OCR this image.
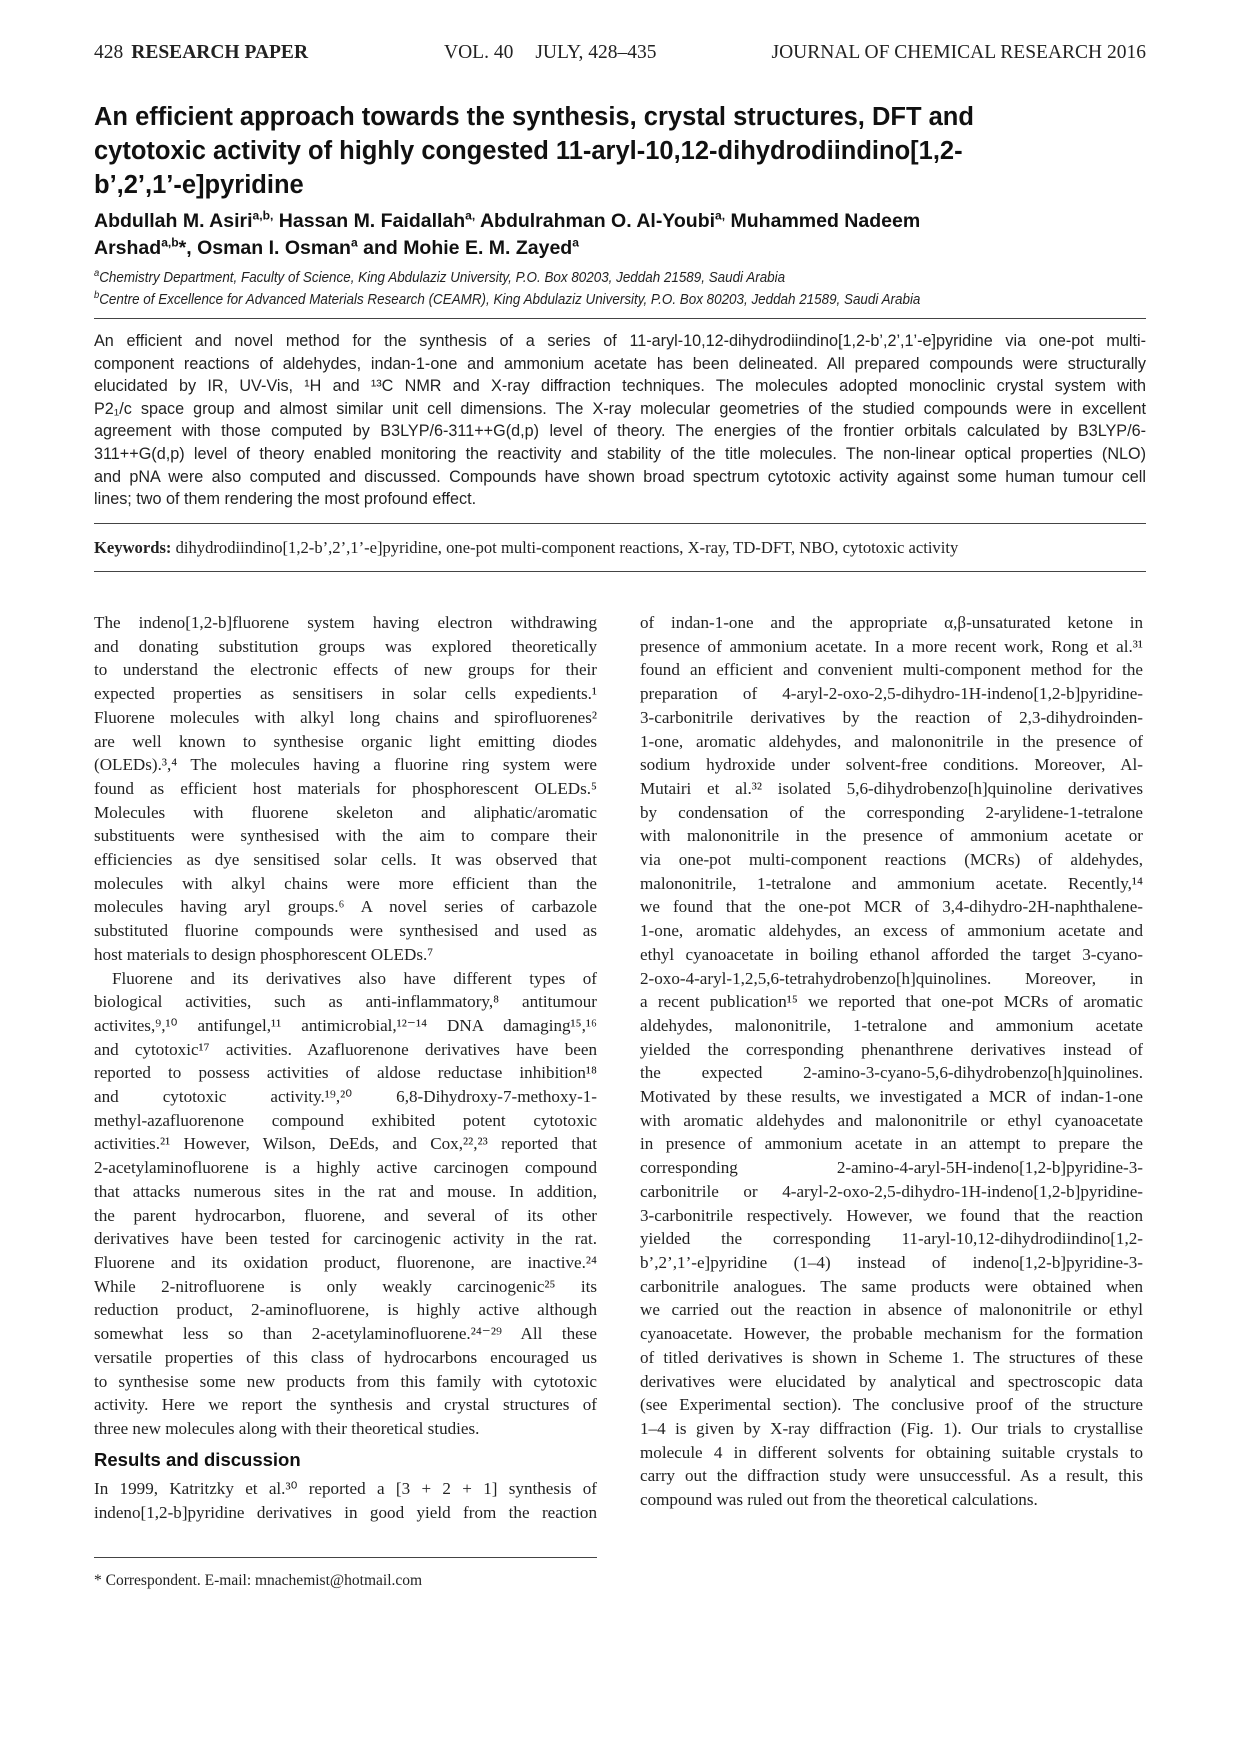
428 RESEARCH PAPER	VOL. 40 JULY, 428–435	JOURNAL OF CHEMICAL RESEARCH 2016
An efficient approach towards the synthesis, crystal structures, DFT and
cytotoxic activity of highly congested 11-aryl-10,12-dihydrodiindino[1,2-
b’,2’,1’-e]pyridine
Abdullah M. Asiri$^{a,b,}$ Hassan M. Faidallah$^{a,}$ Abdulrahman O. Al-Youbi$^{a,}$ Muhammed Nadeem
Arshad$^{a,b}$*, Osman I. Osman$^a$ and Mohie E. M. Zayed$^a$
$^a$Chemistry Department, Faculty of Science, King Abdulaziz University, P.O. Box 80203, Jeddah 21589, Saudi Arabia
$^b$Centre of Excellence for Advanced Materials Research (CEAMR), King Abdulaziz University, P.O. Box 80203, Jeddah 21589, Saudi Arabia
An efficient and novel method for the synthesis of a series of 11-aryl-10,12-dihydrodiindino[1,2-b’,2’,1’-e]pyridine via one-pot multi-
component reactions of aldehydes, indan-1-one and ammonium acetate has been delineated. All prepared compounds were structurally
elucidated by IR, UV-Vis, ¹H and ¹³C NMR and X-ray diffraction techniques. The molecules adopted monoclinic crystal system with
P2₁/c space group and almost similar unit cell dimensions. The X-ray molecular geometries of the studied compounds were in excellent
agreement with those computed by B3LYP/6-311++G(d,p) level of theory. The energies of the frontier orbitals calculated by B3LYP/6-
311++G(d,p) level of theory enabled monitoring the reactivity and stability of the title molecules. The non-linear optical properties (NLO)
and pNA were also computed and discussed. Compounds have shown broad spectrum cytotoxic activity against some human tumour cell
lines; two of them rendering the most profound effect.
Keywords: dihydrodiindino[1,2-b’,2’,1’-e]pyridine, one-pot multi-component reactions, X-ray, TD-DFT, NBO, cytotoxic activity
The indeno[1,2-b]fluorene system having electron withdrawing
and donating substitution groups was explored theoretically
to understand the electronic effects of new groups for their
expected properties as sensitisers in solar cells expedients.¹
Fluorene molecules with alkyl long chains and spirofluorenes²
are well known to synthesise organic light emitting diodes
(OLEDs).³,⁴ The molecules having a fluorine ring system were
found as efficient host materials for phosphorescent OLEDs.⁵
Molecules with fluorene skeleton and aliphatic/aromatic
substituents were synthesised with the aim to compare their
efficiencies as dye sensitised solar cells. It was observed that
molecules with alkyl chains were more efficient than the
molecules having aryl groups.⁶ A novel series of carbazole
substituted fluorine compounds were synthesised and used as
host materials to design phosphorescent OLEDs.⁷
Fluorene and its derivatives also have different types of
biological activities, such as anti-inflammatory,⁸ antitumour
activites,⁹,¹⁰ antifungel,¹¹ antimicrobial,¹²⁻¹⁴ DNA damaging¹⁵,¹⁶
and cytotoxic¹⁷ activities. Azafluorenone derivatives have been
reported to possess activities of aldose reductase inhibition¹⁸
and cytotoxic activity.¹⁹,²⁰ 6,8-Dihydroxy-7-methoxy-1-
methyl-azafluorenone compound exhibited potent cytotoxic
activities.²¹ However, Wilson, DeEds, and Cox,²²,²³ reported that
2-acetylaminofluorene is a highly active carcinogen compound
that attacks numerous sites in the rat and mouse. In addition,
the parent hydrocarbon, fluorene, and several of its other
derivatives have been tested for carcinogenic activity in the rat.
Fluorene and its oxidation product, fluorenone, are inactive.²⁴
While 2-nitrofluorene is only weakly carcinogenic²⁵ its
reduction product, 2-aminofluorene, is highly active although
somewhat less so than 2-acetylaminofluorene.²⁴⁻²⁹ All these
versatile properties of this class of hydrocarbons encouraged us
to synthesise some new products from this family with cytotoxic
activity. Here we report the synthesis and crystal structures of
three new molecules along with their theoretical studies.
Results and discussion
In 1999, Katritzky et al.³⁰ reported a [3 + 2 + 1] synthesis of
indeno[1,2-b]pyridine derivatives in good yield from the reaction
of indan-1-one and the appropriate α,β-unsaturated ketone in
presence of ammonium acetate. In a more recent work, Rong et al.³¹
found an efficient and convenient multi-component method for the
preparation of 4-aryl-2-oxo-2,5-dihydro-1H-indeno[1,2-b]pyridine-
3-carbonitrile derivatives by the reaction of 2,3-dihydroinden-
1-one, aromatic aldehydes, and malononitrile in the presence of
sodium hydroxide under solvent-free conditions. Moreover, Al-
Mutairi et al.³² isolated 5,6-dihydrobenzo[h]quinoline derivatives
by condensation of the corresponding 2-arylidene-1-tetralone
with malononitrile in the presence of ammonium acetate or
via one-pot multi-component reactions (MCRs) of aldehydes,
malononitrile, 1-tetralone and ammonium acetate. Recently,¹⁴
we found that the one-pot MCR of 3,4-dihydro-2H-naphthalene-
1-one, aromatic aldehydes, an excess of ammonium acetate and
ethyl cyanoacetate in boiling ethanol afforded the target 3-cyano-
2-oxo-4-aryl-1,2,5,6-tetrahydrobenzo[h]quinolines. Moreover, in
a recent publication¹⁵ we reported that one-pot MCRs of aromatic
aldehydes, malononitrile, 1-tetralone and ammonium acetate
yielded the corresponding phenanthrene derivatives instead of
the expected 2-amino-3-cyano-5,6-dihydrobenzo[h]quinolines.
Motivated by these results, we investigated a MCR of indan-1-one
with aromatic aldehydes and malononitrile or ethyl cyanoacetate
in presence of ammonium acetate in an attempt to prepare the
corresponding 2-amino-4-aryl-5H-indeno[1,2-b]pyridine-3-
carbonitrile or 4-aryl-2-oxo-2,5-dihydro-1H-indeno[1,2-b]pyridine-
3-carbonitrile respectively. However, we found that the reaction
yielded the corresponding 11-aryl-10,12-dihydrodiindino[1,2-
b’,2’,1’-e]pyridine (1–4) instead of indeno[1,2-b]pyridine-3-
carbonitrile analogues. The same products were obtained when
we carried out the reaction in absence of malononitrile or ethyl
cyanoacetate. However, the probable mechanism for the formation
of titled derivatives is shown in Scheme 1. The structures of these
derivatives were elucidated by analytical and spectroscopic data
(see Experimental section). The conclusive proof of the structure
1–4 is given by X-ray diffraction (Fig. 1). Our trials to crystallise
molecule 4 in different solvents for obtaining suitable crystals to
carry out the diffraction study were unsuccessful. As a result, this
compound was ruled out from the theoretical calculations.
* Correspondent. E-mail: mnachemist@hotmail.com
